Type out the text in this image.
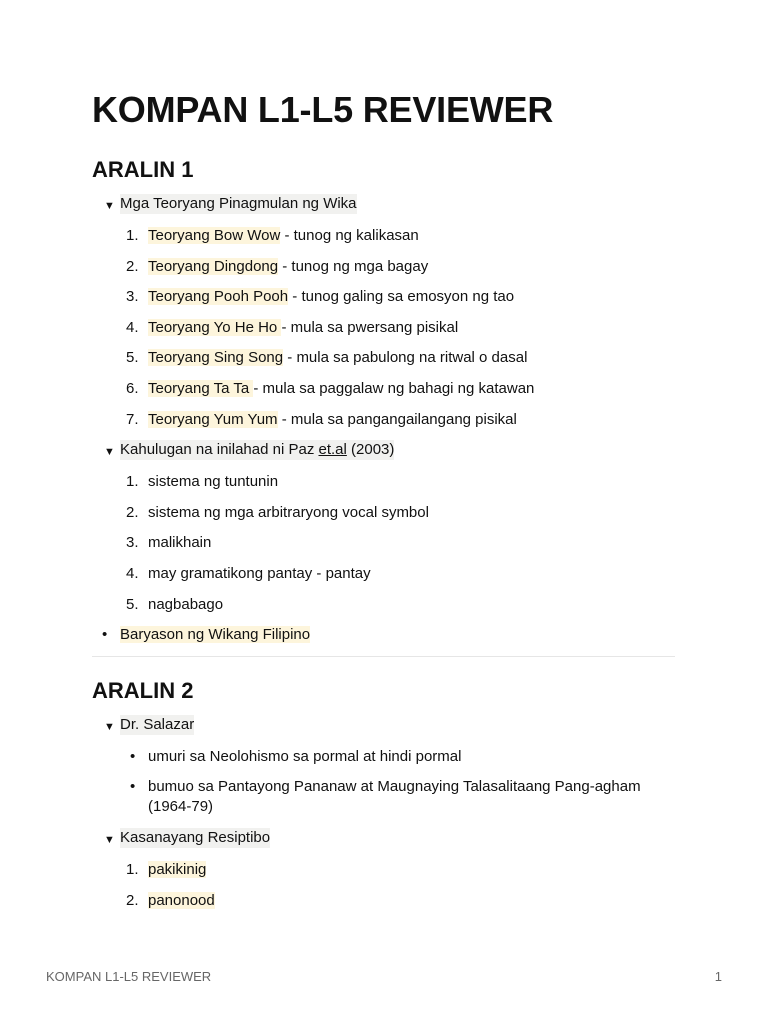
KOMPAN L1-L5 REVIEWER
ARALIN 1
▼ Mga Teoryang Pinagmulan ng Wika
1. Teoryang Bow Wow - tunog ng kalikasan
2. Teoryang Dingdong - tunog ng mga bagay
3. Teoryang Pooh Pooh - tunog galing sa emosyon ng tao
4. Teoryang Yo He Ho - mula sa pwersang pisikal
5. Teoryang Sing Song - mula sa pabulong na ritwal o dasal
6. Teoryang Ta Ta - mula sa paggalaw ng bahagi ng katawan
7. Teoryang Yum Yum - mula sa pangangailangang pisikal
▼ Kahulugan na inilahad ni Paz et.al (2003)
1. sistema ng tuntunin
2. sistema ng mga arbitraryong vocal symbol
3. malikhain
4. may gramatikong pantay - pantay
5. nagbabago
• Baryason ng Wikang Filipino
ARALIN 2
▼ Dr. Salazar
• umuri sa Neolohismo sa pormal at hindi pormal
• bumuo sa Pantayong Pananaw at Maugnaying Talasalitaang Pang-agham (1964-79)
▼ Kasanayang Resiptibo
1. pakikinig
2. panonood
KOMPAN L1-L5 REVIEWER	1
